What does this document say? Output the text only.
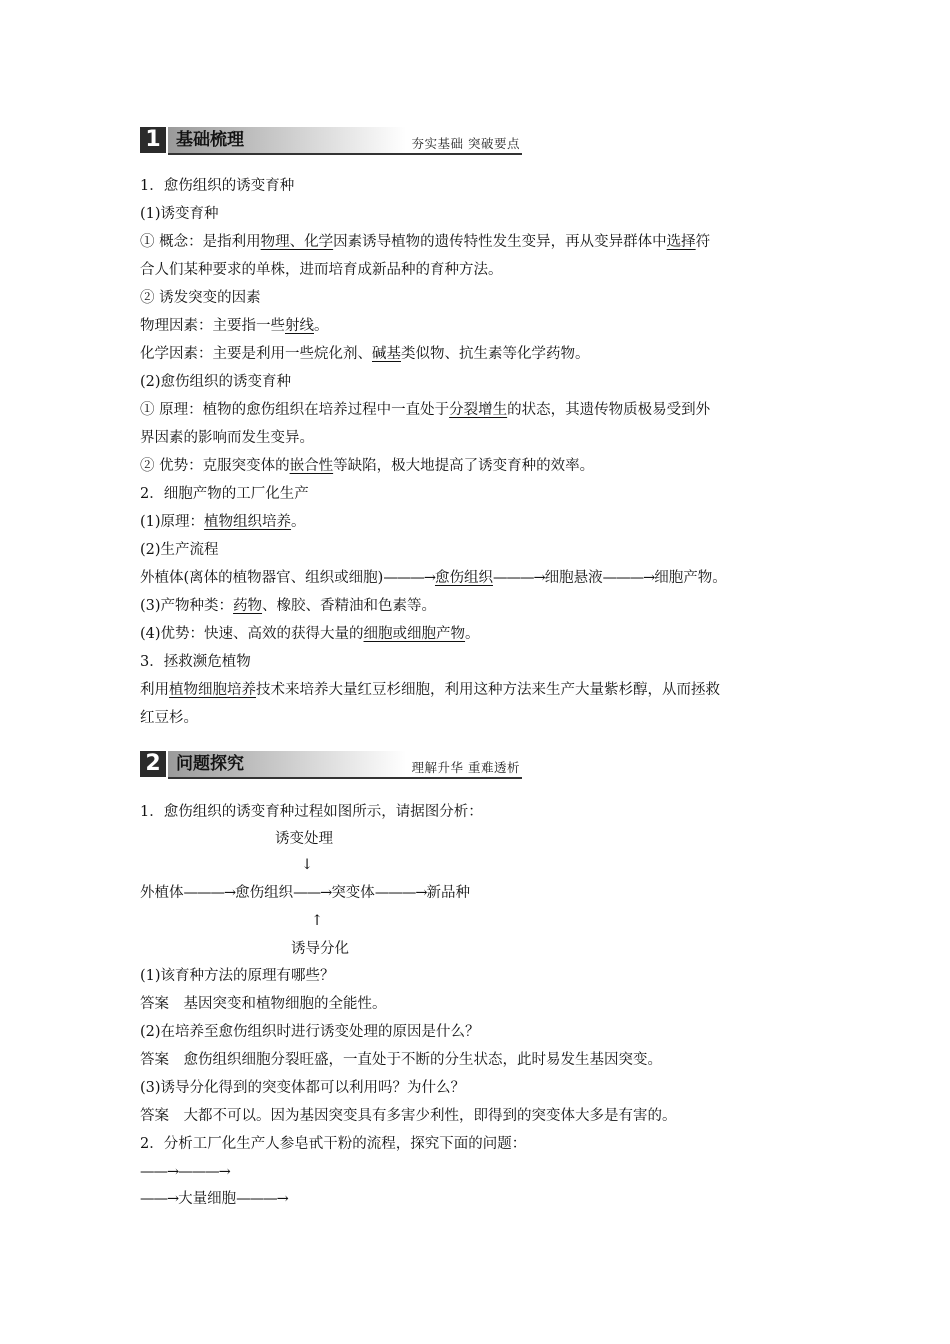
1 基础梳理	夯实基础 突破要点
1．愈伤组织的诱变育种
(1)诱变育种
① 概念：是指利用物理、化学因素诱导植物的遗传特性发生变异，再从变异群体中选择符
合人们某种要求的单株，进而培育成新品种的育种方法。
② 诱发突变的因素
物理因素：主要指一些射线。
化学因素：主要是利用一些烷化剂、碱基类似物、抗生素等化学药物。
(2)愈伤组织的诱变育种
① 原理：植物的愈伤组织在培养过程中一直处于分裂增生的状态，其遗传物质极易受到外
界因素的影响而发生变异。
② 优势：克服突变体的嵌合性等缺陷，极大地提高了诱变育种的效率。
2．细胞产物的工厂化生产
(1)原理：植物组织培养。
(2)生产流程
外植体(离体的植物器官、组织或细胞)———→愈伤组织———→细胞悬液———→细胞产物。
(3)产物种类：药物、橡胶、香精油和色素等。
(4)优势：快速、高效的获得大量的细胞或细胞产物。
3．拯救濒危植物
利用植物细胞培养技术来培养大量红豆杉细胞，利用这种方法来生产大量紫杉醇，从而拯救
红豆杉。
2 问题探究	理解升华 重难透析
1．愈伤组织的诱变育种过程如图所示，请据图分析：
诱变处理
↓
外植体———→愈伤组织——→突变体———→新品种
↑
诱导分化
(1)该育种方法的原理有哪些？
答案　基因突变和植物细胞的全能性。
(2)在培养至愈伤组织时进行诱变处理的原因是什么？
答案　愈伤组织细胞分裂旺盛，一直处于不断的分生状态，此时易发生基因突变。
(3)诱导分化得到的突变体都可以利用吗？为什么？
答案　大都不可以。因为基因突变具有多害少利性，即得到的突变体大多是有害的。
2．分析工厂化生产人参皂甙干粉的流程，探究下面的问题：
——→———→
——→大量细胞———→
